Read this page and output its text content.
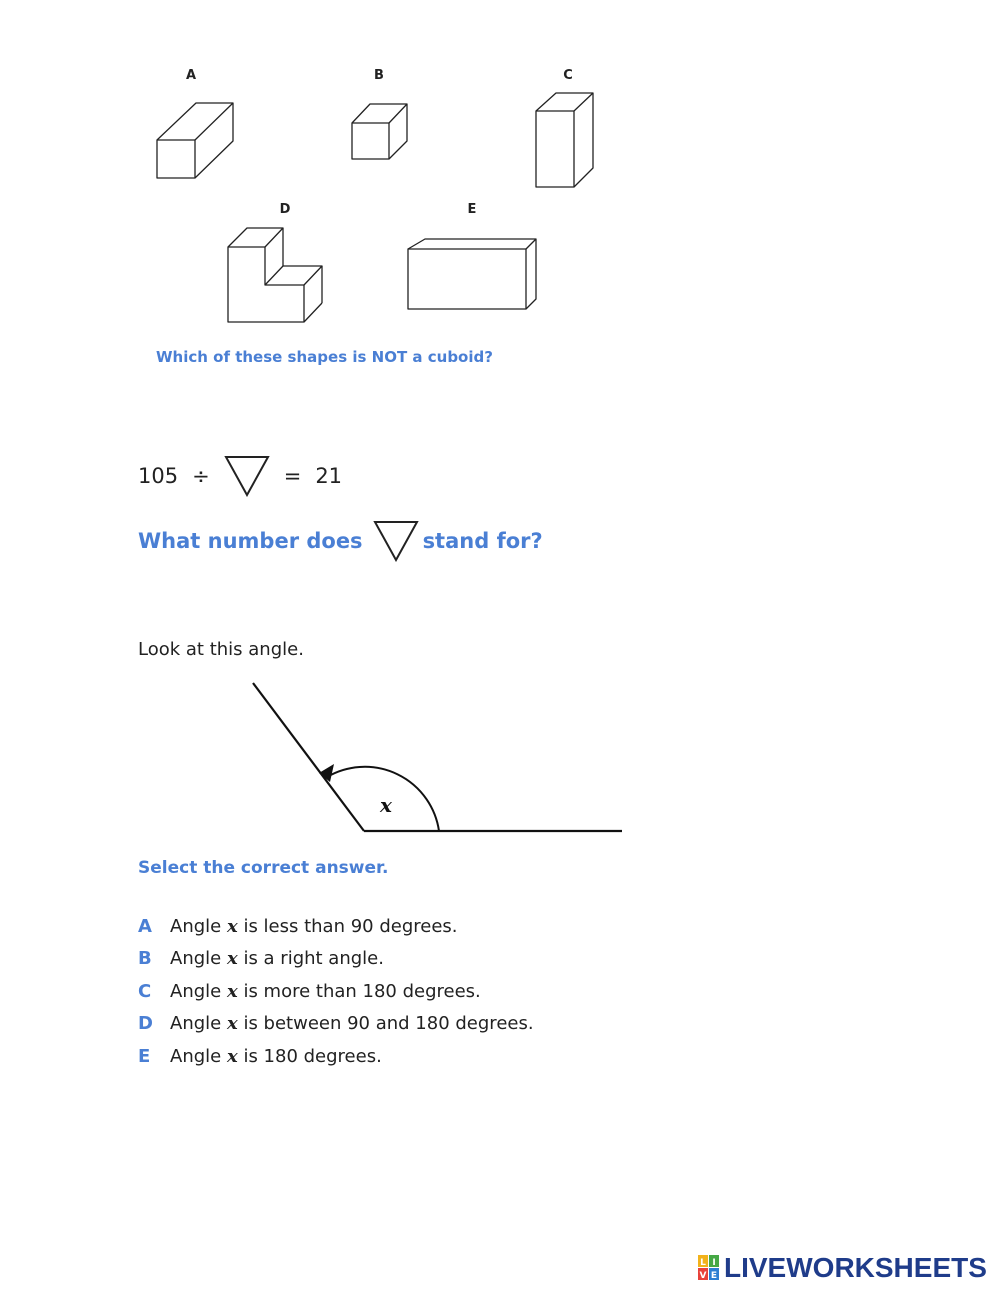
A	B	C
D	E
Which of these shapes is NOT a cuboid?
105 ÷	= 21
What number does	stand for?
Look at this angle.
x
Select the correct answer.
A	Angle
x
is less than 90 degrees.
B	Angle
x
is a right angle.
C	Angle
x
is more than 180 degrees.
D Angle
x
is between 90 and 180 degrees.
E	Angle
x
is 180 degrees.
L I
V E LIVEWORKSHEETS
